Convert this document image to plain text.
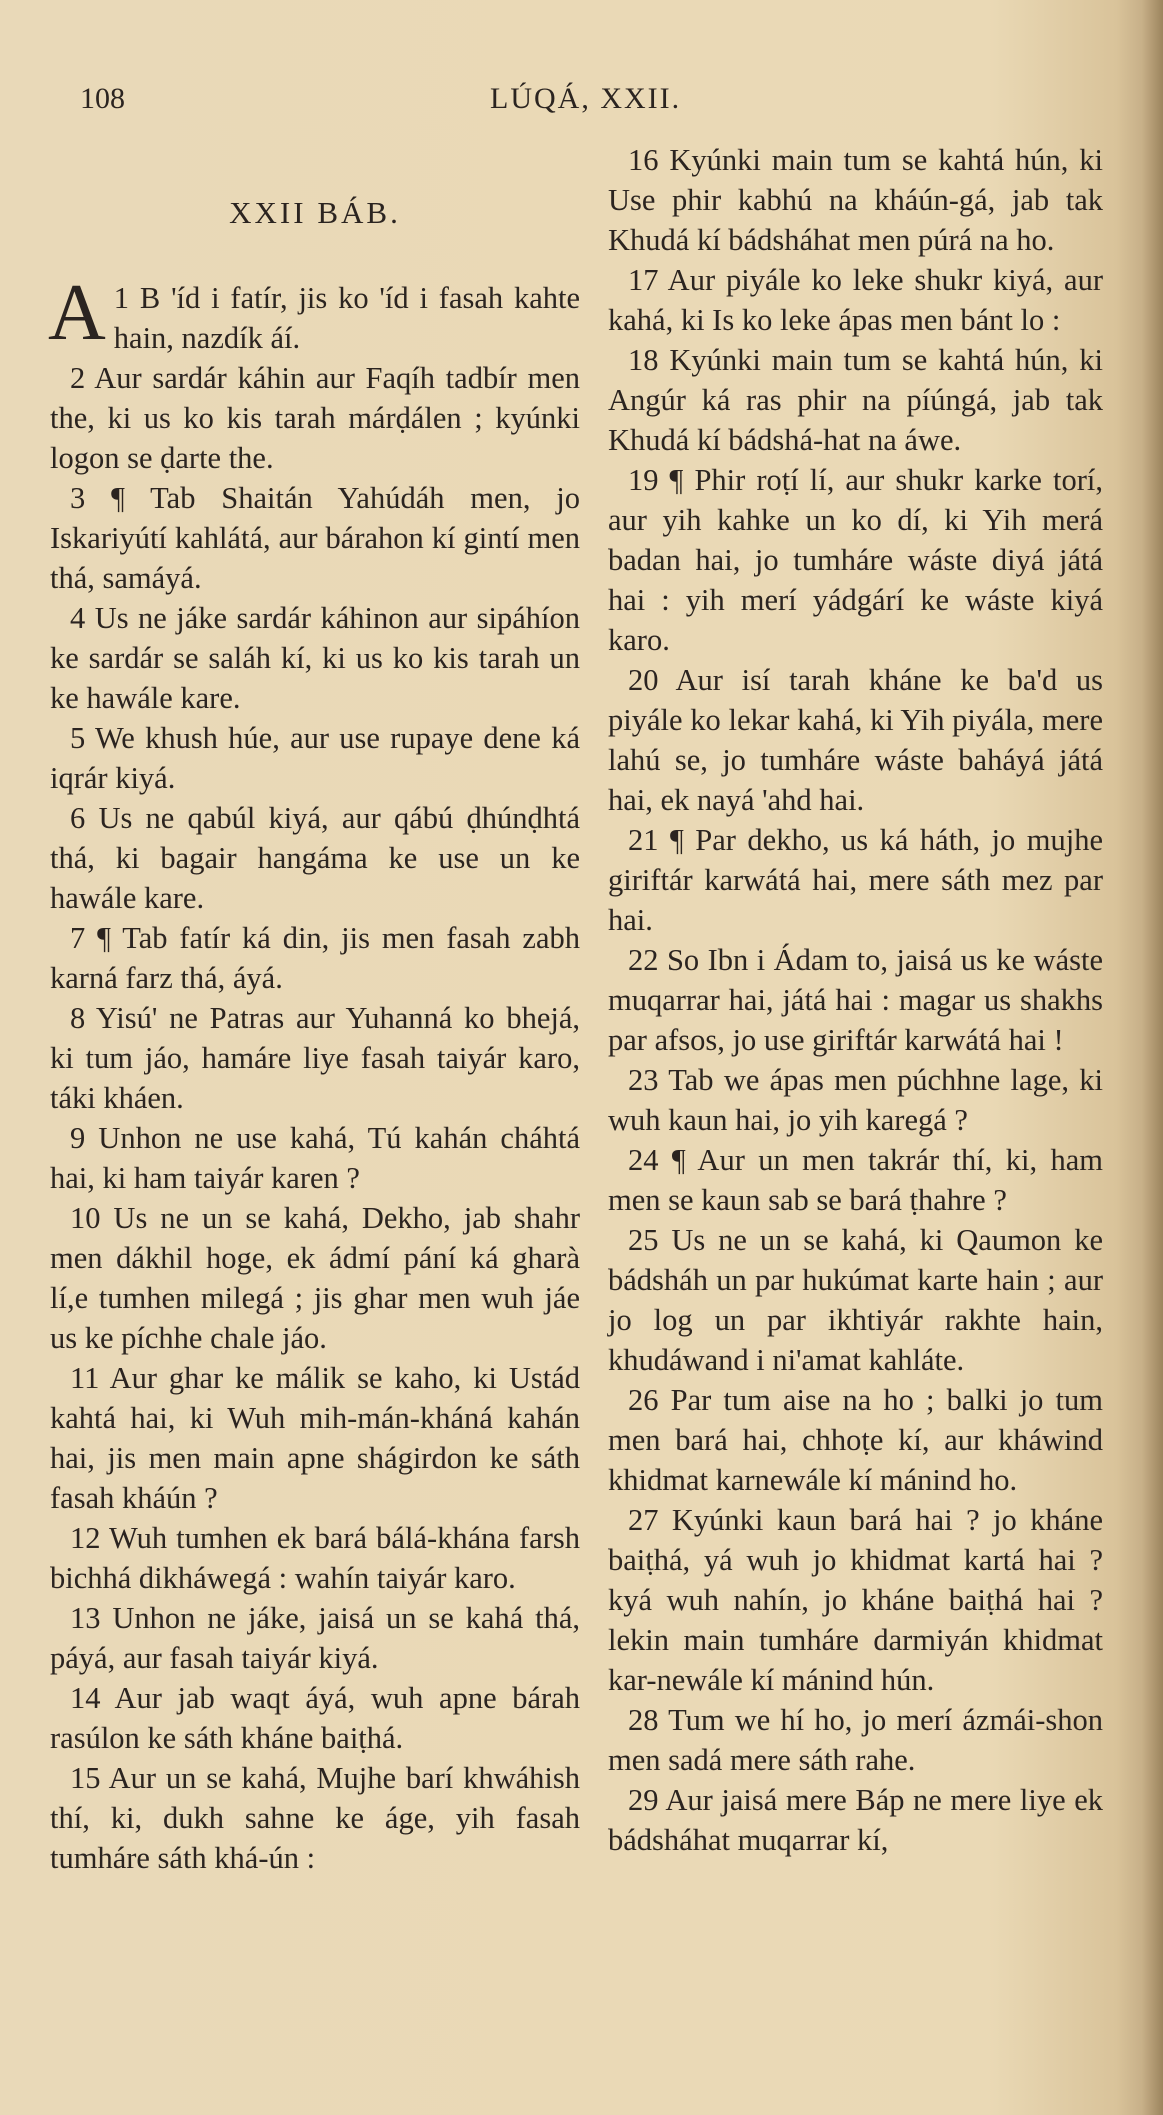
108	LÚQÁ, XXII.
XXII BÁB.

1
A B 'íd i fatír, jis ko 'íd i fasah kahte hain, nazdík áí.

2 Aur sardár káhin aur Faqíh tadbír men the, ki us ko kis tarah márḍálen ; kyúnki logon se ḍarte the.

3 ¶ Tab Shaitán Yahúdáh men, jo Iskariyútí kahlátá, aur bárahon kí gintí men thá, samáyá.

4 Us ne jáke sardár káhinon aur sipáhíon ke sardár se saláh kí, ki us ko kis tarah un ke hawále kare.

5 We khush húe, aur use rupaye dene ká iqrár kiyá.

6 Us ne qabúl kiyá, aur qábú ḍhúnḍhtá thá, ki bagair hangáma ke use un ke hawále kare.

7 ¶ Tab fatír ká din, jis men fasah zabh karná farz thá, áyá.

8 Yisú' ne Patras aur Yuhanná ko bhejá, ki tum jáo, hamáre liye fasah taiyár karo, táki kháen.

9 Unhon ne use kahá, Tú kahán cháhtá hai, ki ham taiyár karen ?

10 Us ne un se kahá, Dekho, jab shahr men dákhil hoge, ek ádmí pání ká gharà lí,e tumhen milegá ; jis ghar men wuh jáe us ke píchhe chale jáo.

11 Aur ghar ke málik se kaho, ki Ustád kahtá hai, ki Wuh mih-mán-kháná kahán hai, jis men main apne shágirdon ke sáth fasah kháún ?

12 Wuh tumhen ek bará bálá-khána farsh bichhá dikháwegá : wahín taiyár karo.

13 Unhon ne jáke, jaisá un se kahá thá, páyá, aur fasah taiyár kiyá.

14 Aur jab waqt áyá, wuh apne bárah rasúlon ke sáth kháne baiṭhá.

15 Aur un se kahá, Mujhe barí khwáhish thí, ki, dukh sahne ke áge, yih fasah tumháre sáth khá-ún :

16 Kyúnki main tum se kahtá hún, ki Use phir kabhú na kháún-gá, jab tak Khudá kí bádsháhat men púrá na ho.

17 Aur piyále ko leke shukr kiyá, aur kahá, ki Is ko leke ápas men bánt lo :

18 Kyúnki main tum se kahtá hún, ki Angúr ká ras phir na píúngá, jab tak Khudá kí bádshá-hat na áwe.

19 ¶ Phir roṭí lí, aur shukr karke torí, aur yih kahke un ko dí, ki Yih merá badan hai, jo tumháre wáste diyá játá hai : yih merí yádgárí ke wáste kiyá karo.

20 Aur isí tarah kháne ke ba'd us piyále ko lekar kahá, ki Yih piyála, mere lahú se, jo tumháre wáste baháyá játá hai, ek nayá 'ahd hai.

21 ¶ Par dekho, us ká háth, jo mujhe giriftár karwátá hai, mere sáth mez par hai.

22 So Ibn i Ádam to, jaisá us ke wáste muqarrar hai, játá hai : magar us shakhs par afsos, jo use giriftár karwátá hai !

23 Tab we ápas men púchhne lage, ki wuh kaun hai, jo yih karegá ?

24 ¶ Aur un men takrár thí, ki, ham men se kaun sab se bará ṭhahre ?

25 Us ne un se kahá, ki Qaumon ke bádsháh un par hukúmat karte hain ; aur jo log un par ikhtiyár rakhte hain, khudáwand i ni'amat kahláte.

26 Par tum aise na ho ; balki jo tum men bará hai, chhoṭe kí, aur kháwind khidmat karnewále kí mánind ho.

27 Kyúnki kaun bará hai ? jo kháne baiṭhá, yá wuh jo khidmat kartá hai ? kyá wuh nahín, jo kháne baiṭhá hai ? lekin main tumháre darmiyán khidmat kar-newále kí mánind hún.

28 Tum we hí ho, jo merí ázmái-shon men sadá mere sáth rahe.

29 Aur jaisá mere Báp ne mere liye ek bádsháhat muqarrar kí,
